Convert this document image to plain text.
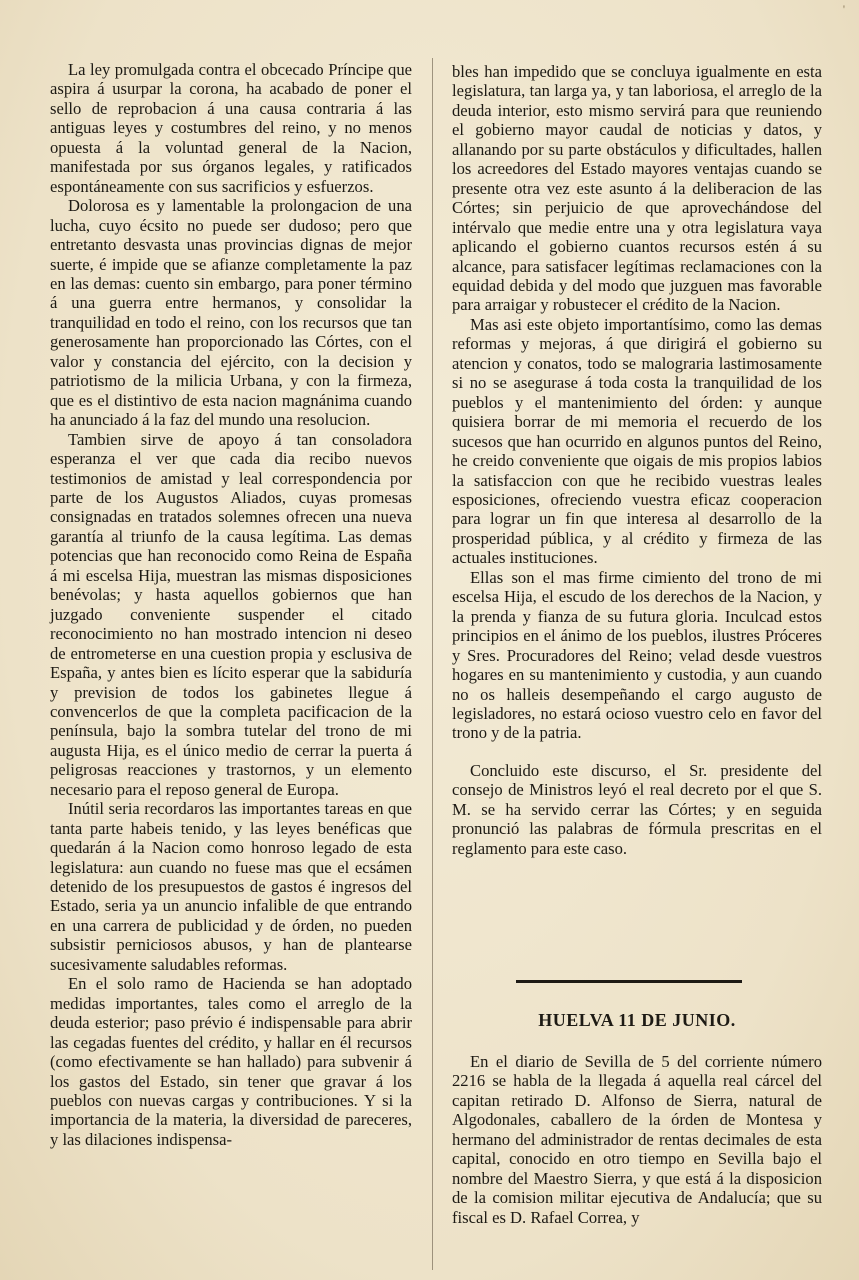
'

La ley promulgada contra el obcecado Príncipe que aspira á usurpar la corona, ha acabado de poner el sello de reprobacion á una causa contraria á las antiguas leyes y costumbres del reino, y no menos opuesta á la voluntad general de la Nacion, manifestada por sus órganos legales, y ratificados espontáneamente con sus sacrificios y esfuerzos.

Dolorosa es y lamentable la prolongacion de una lucha, cuyo écsito no puede ser dudoso; pero que entretanto desvasta unas provincias dignas de mejor suerte, é impide que se afianze completamente la paz en las demas: cuento sin embargo, para poner término á una guerra entre hermanos, y consolidar la tranquilidad en todo el reino, con los recursos que tan generosamente han proporcionado las Córtes, con el valor y constancia del ejército, con la decision y patriotismo de la milicia Urbana, y con la firmeza, que es el distintivo de esta nacion magnánima cuando ha anunciado á la faz del mundo una resolucion.

Tambien sirve de apoyo á tan consoladora esperanza el ver que cada dia recibo nuevos testimonios de amistad y leal correspondencia por parte de los Augustos Aliados, cuyas promesas consignadas en tratados solemnes ofrecen una nueva garantía al triunfo de la causa legítima. Las demas potencias que han reconocido como Reina de España á mi escelsa Hija, muestran las mismas disposiciones benévolas; y hasta aquellos gobiernos que han juzgado conveniente suspender el citado reconocimiento no han mostrado intencion ni deseo de entrometerse en una cuestion propia y esclusiva de España, y antes bien es lícito esperar que la sabiduría y prevision de todos los gabinetes llegue á convencerlos de que la completa pacificacion de la península, bajo la sombra tutelar del trono de mi augusta Hija, es el único medio de cerrar la puerta á peligrosas reacciones y trastornos, y un elemento necesario para el reposo general de Europa.

Inútil seria recordaros las importantes tareas en que tanta parte habeis tenido, y las leyes benéficas que quedarán á la Nacion como honroso legado de esta legislatura: aun cuando no fuese mas que el ecsámen detenido de los presupuestos de gastos é ingresos del Estado, seria ya un anuncio infalible de que entrando en una carrera de publicidad y de órden, no pueden subsistir perniciosos abusos, y han de plantearse sucesivamente saludables reformas.

En el solo ramo de Hacienda se han adoptado medidas importantes, tales como el arreglo de la deuda esterior; paso prévio é indispensable para abrir las cegadas fuentes del crédito, y hallar en él recursos (como efectivamente se han hallado) para subvenir á los gastos del Estado, sin tener que gravar á los pueblos con nuevas cargas y contribuciones. Y si la importancia de la materia, la diversidad de pareceres, y las dilaciones indispensa-

bles han impedido que se concluya igualmente en esta legislatura, tan larga ya, y tan laboriosa, el arreglo de la deuda interior, esto mismo servirá para que reuniendo el gobierno mayor caudal de noticias y datos, y allanando por su parte obstáculos y dificultades, hallen los acreedores del Estado mayores ventajas cuando se presente otra vez este asunto á la deliberacion de las Córtes; sin perjuicio de que aprovechándose del intérvalo que medie entre una y otra legislatura vaya aplicando el gobierno cuantos recursos estén á su alcance, para satisfacer legítimas reclamaciones con la equidad debida y del modo que juzguen mas favorable para arraigar y robustecer el crédito de la Nacion.

Mas asi este objeto importantísimo, como las demas reformas y mejoras, á que dirigirá el gobierno su atencion y conatos, todo se malograria lastimosamente si no se asegurase á toda costa la tranquilidad de los pueblos y el mantenimiento del órden: y aunque quisiera borrar de mi memoria el recuerdo de los sucesos que han ocurrido en algunos puntos del Reino, he creido conveniente que oigais de mis propios labios la satisfaccion con que he recibido vuestras leales esposiciones, ofreciendo vuestra eficaz cooperacion para lograr un fin que interesa al desarrollo de la prosperidad pública, y al crédito y firmeza de las actuales instituciones.

Ellas son el mas firme cimiento del trono de mi escelsa Hija, el escudo de los derechos de la Nacion, y la prenda y fianza de su futura gloria. Inculcad estos principios en el ánimo de los pueblos, ilustres Próceres y Sres. Procuradores del Reino; velad desde vuestros hogares en su mantenimiento y custodia, y aun cuando no os halleis desempeñando el cargo augusto de legisladores, no estará ocioso vuestro celo en favor del trono y de la patria.

Concluido este discurso, el Sr. presidente del consejo de Ministros leyó el real decreto por el que S. M. se ha servido cerrar las Córtes; y en seguida pronunció las palabras de fórmula prescritas en el reglamento para este caso.

HUELVA 11 DE JUNIO.

En el diario de Sevilla de 5 del corriente número 2216 se habla de la llegada á aquella real cárcel del capitan retirado D. Alfonso de Sierra, natural de Algodonales, caballero de la órden de Montesa y hermano del administrador de rentas decimales de esta capital, conocido en otro tiempo en Sevilla bajo el nombre del Maestro Sierra, y que está á la disposicion de la comision militar ejecutiva de Andalucía; que su fiscal es D. Rafael Correa, y
